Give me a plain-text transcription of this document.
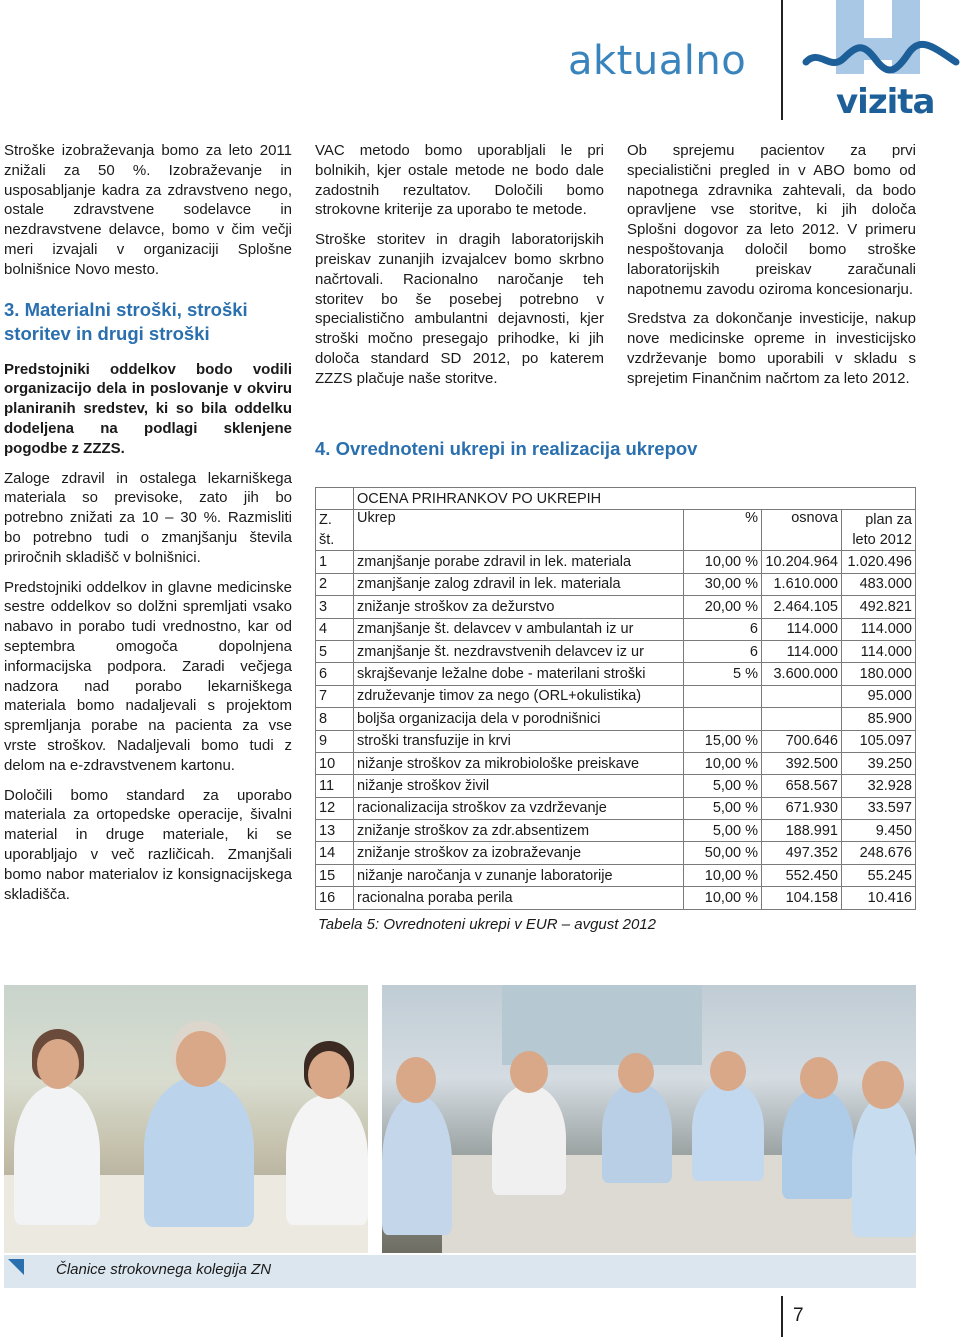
aktualno
vizita

Stroške izobraževanja bomo za leto 2011 znižali za 50 %. Izobraževanje in usposabljanje kadra za zdravstveno nego, ostale zdravstvene sodelavce in nezdravstvene delavce, bomo v čim večji meri izvajali v organizaciji Splošne bolnišnice Novo mesto.

3. Materialni stroški, stroški storitev in drugi stroški

Predstojniki oddelkov bodo vodili organizacijo dela in poslovanje v okviru planiranih sredstev, ki so bila oddelku dodeljena na podlagi sklenjene pogodbe z ZZZS.

Zaloge zdravil in ostalega lekarniškega materiala so previsoke, zato jih bo potrebno znižati za 10 – 30 %. Razmisliti bo potrebno tudi o zmanjšanju števila priročnih skladišč v bolnišnici.

Predstojniki oddelkov in glavne medicinske sestre oddelkov so dolžni spremljati vsako nabavo in porabo tudi vrednostno, kar od septembra omogoča dopolnjena informacijska podpora. Zaradi večjega nadzora nad porabo lekarniškega materiala bomo nadaljevali s projektom spremljanja porabe na pacienta za vse vrste stroškov. Nadaljevali bomo tudi z delom na e-zdravstvenem kartonu.

Določili bomo standard za uporabo materiala za ortopedske operacije, šivalni material in druge materiale, ki se uporabljajo v več različicah. Zmanjšali bomo nabor materialov iz konsignacijskega skladišča.

VAC metodo bomo uporabljali le pri bolnikih, kjer ostale metode ne bodo dale zadostnih rezultatov. Določili bomo strokovne kriterije za uporabo te metode.

Stroške storitev in dragih laboratorijskih preiskav zunanjih izvajalcev bomo skrbno načrtovali. Racionalno naročanje teh storitev bo še posebej potrebno v specialistično ambulantni dejavnosti, kjer stroški močno presegajo prihodke, ki jih določa standard SD 2012, po katerem ZZZS plačuje naše storitve.

Ob sprejemu pacientov za prvi specialistični pregled in v ABO bomo od napotnega zdravnika zahtevali, da bodo opravljene vse storitve, ki jih določa Splošni dogovor za leto 2012. V primeru nespoštovanja določil bomo stroške laboratorijskih preiskav zaračunali napotnemu zavodu oziroma koncesionarju.

Sredstva za dokončanje investicije, nakup nove medicinske opreme in investicijsko vzdrževanje bomo uporabili v skladu s sprejetim Finančnim načrtom za leto 2012.

4. Ovrednoteni ukrepi in realizacija ukrepov
	OCENA PRIHRANKOV PO UKREPIH			
Z.
št.	Ukrep	%	osnova	plan za
leto 2012
1	zmanjšanje porabe zdravil in lek. materiala	10,00 %	10.204.964	1.020.496
2	zmanjšanje zalog zdravil in lek. materiala	30,00 %	1.610.000	483.000
3	znižanje stroškov za dežurstvo	20,00 %	2.464.105	492.821
4	zmanjšanje št. delavcev v ambulantah iz ur	6	114.000	114.000
5	zmanjšanje št. nezdravstvenih delavcev iz ur	6	114.000	114.000
6	skrajševanje ležalne dobe - materilani stroški	5 %	3.600.000	180.000
7	združevanje timov za nego (ORL+okulistika)			95.000
8	boljša organizacija dela v porodnišnici			85.900
9	stroški transfuzije in krvi	15,00 %	700.646	105.097
10	nižanje stroškov za mikrobiološke preiskave	10,00 %	392.500	39.250
11	nižanje stroškov živil	5,00 %	658.567	32.928
12	racionalizacija stroškov za vzdrževanje	5,00 %	671.930	33.597
13	znižanje stroškov za zdr.absentizem	5,00 %	188.991	9.450
14	znižanje stroškov za izobraževanje	50,00 %	497.352	248.676
15	nižanje naročanja v zunanje laboratorije	10,00 %	552.450	55.245
16	racionalna poraba perila	10,00 %	104.158	10.416
Tabela 5: Ovrednoteni ukrepi v EUR – avgust 2012
Članice strokovnega kolegija ZN
7
